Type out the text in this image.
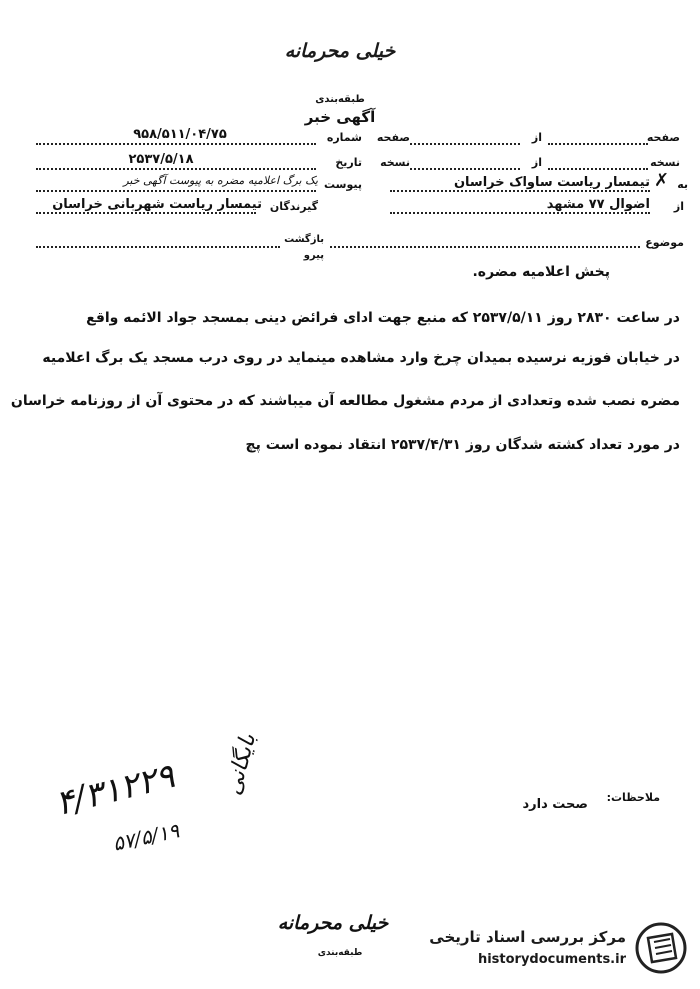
خیلی محرمانه
طبقه‌بندی
آگهی خبر
۹۵۸/۵۱۱/۰۴/۷۵	شماره صفحه	از	صفحه
۲۵۳۷/۵/۱۸	تاریخ نسخه	از	نسخه
یک برگ اعلامیه مضره به پیوست آگهی خبر پیوست	تیمسار ریاست ساواک خراسان ✗ به
تیمسار ریاست شهربانی خراسان گیرندگان	اضواﻝ ۷۷ مشهد	از
بازگشت
پیرو
موضوع
پخش اعلامیه مضره.
در ساعت ۲۸۳۰ روز ۲۵۳۷/۵/۱۱ که منبع جهت ادای فرائض دینی بمسجد جواد الائمه واقع
در خیابان فوزیه نرسیده بمیدان چرخ وارد مشاهده مینماید در روی درب مسجد یک برگ اعلامیه
مضره نصب شده وتعدادی از مردم مشغول مطالعه آن میباشند که در محتوی آن از روزنامه خراسان
در مورد تعداد کشته شدگان روز ۲۵۳۷/۴/۳۱ انتقاد نموده است پچ
بایگانی
۴/۳۱۲۲۹
۵۷/۵/۱۹
ملاحظات:
صحت دارد
خیلی محرمانه
طبقه‌بندی
مرکز بررسی اسناد تاریخی
historydocuments.ir
